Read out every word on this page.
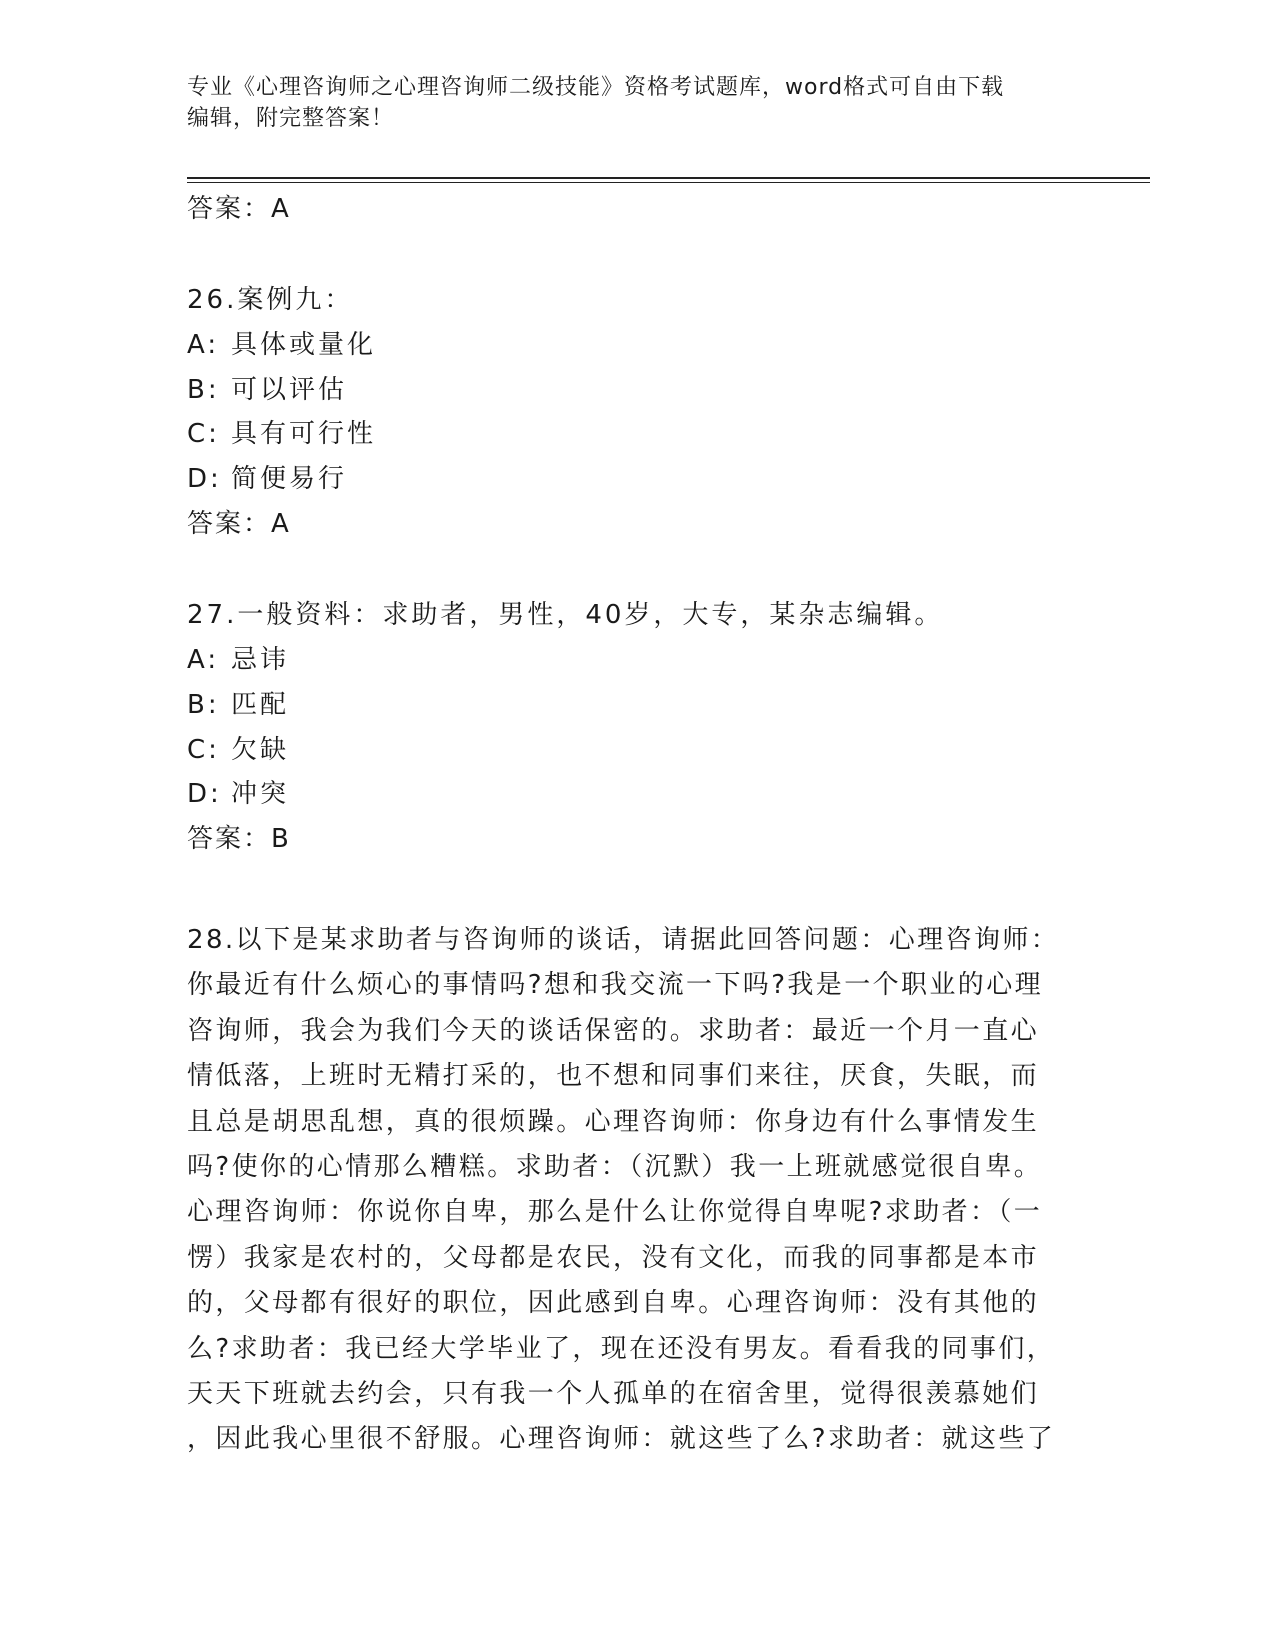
专业《心理咨询师之心理咨询师二级技能》资格考试题库，word格式可自由下载
编辑，附完整答案！
答案：A
26.案例九：
A: 具体或量化
B: 可以评估
C: 具有可行性
D: 简便易行
答案：A
27.一般资料：求助者，男性，40岁，大专，某杂志编辑。
A: 忌讳
B: 匹配
C: 欠缺
D: 冲突
答案：B
28.以下是某求助者与咨询师的谈话，请据此回答问题：心理咨询师：
你最近有什么烦心的事情吗?想和我交流一下吗?我是一个职业的心理
咨询师，我会为我们今天的谈话保密的。求助者：最近一个月一直心
情低落，上班时无精打采的，也不想和同事们来往，厌食，失眠，而
且总是胡思乱想，真的很烦躁。心理咨询师：你身边有什么事情发生
吗?使你的心情那么糟糕。求助者：（沉默）我一上班就感觉很自卑。
心理咨询师：你说你自卑，那么是什么让你觉得自卑呢?求助者：（一
愣）我家是农村的，父母都是农民，没有文化，而我的同事都是本市
的，父母都有很好的职位，因此感到自卑。心理咨询师：没有其他的
么?求助者：我已经大学毕业了，现在还没有男友。看看我的同事们，
天天下班就去约会，只有我一个人孤单的在宿舍里，觉得很羡慕她们
，因此我心里很不舒服。心理咨询师：就这些了么?求助者：就这些了
